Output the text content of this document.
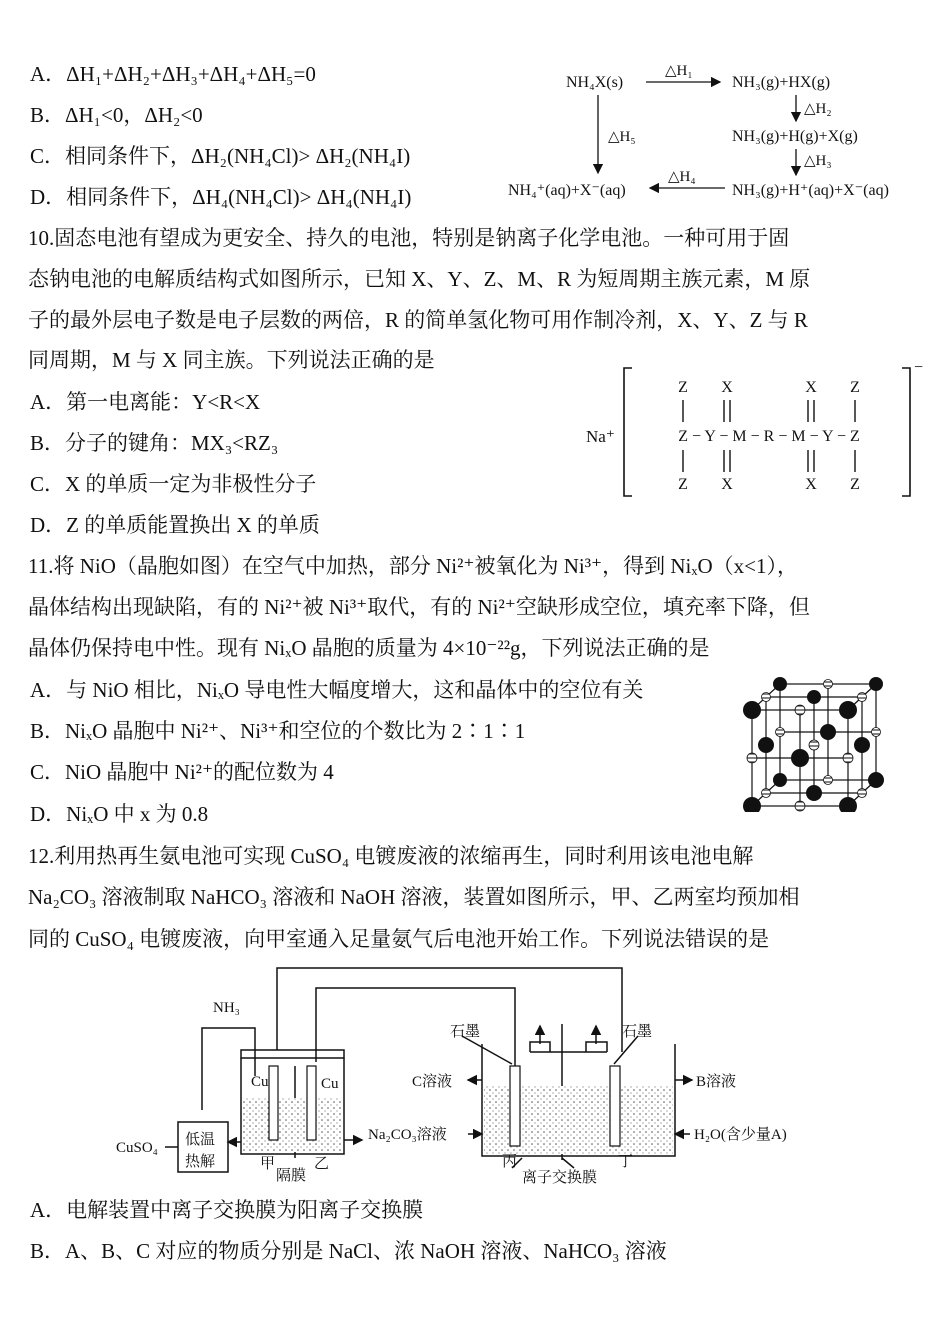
A．ΔH₁+ΔH₂+ΔH₃+ΔH₄+ΔH₅=0
B．ΔH₁<0，ΔH₂<0
C．相同条件下，ΔH₂(NH₄Cl)> ΔH₂(NH₄I)
D．相同条件下，ΔH₄(NH₄Cl)> ΔH₄(NH₄I)
NH₄X(s)
△H₁
NH₃(g)+HX(g)
△H₂
NH₃(g)+H(g)+X(g)
△H₃
NH₃(g)+H⁺(aq)+X⁻(aq)
△H₄
NH₄⁺(aq)+X⁻(aq)
△H₅
10.固态电池有望成为更安全、持久的电池，特别是钠离子化学电池。一种可用于固
态钠电池的电解质结构式如图所示，已知 X、Y、Z、M、R 为短周期主族元素，M 原
子的最外层电子数是电子层数的两倍，R 的简单氢化物可用作制冷剂，X、Y、Z 与 R
同周期，M 与 X 同主族。下列说法正确的是
A．第一电离能：Y<R<X
B．分子的键角：MX₃<RZ₃
C．X 的单质一定为非极性分子
D．Z 的单质能置换出 X 的单质
Na⁺
−
Z X	X Z
Z X	X Z
Z − Y − M − R − M − Y − Z
11.将 NiO（晶胞如图）在空气中加热，部分 Ni²⁺被氧化为 Ni³⁺，得到 NiₓO（x<1），
晶体结构出现缺陷，有的 Ni²⁺被 Ni³⁺取代，有的 Ni²⁺空缺形成空位，填充率下降，但
晶体仍保持电中性。现有 NiₓO 晶胞的质量为 4×10⁻²²g，下列说法正确的是
A．与 NiO 相比，NiₓO 导电性大幅度增大，这和晶体中的空位有关
B．NiₓO 晶胞中 Ni²⁺、Ni³⁺和空位的个数比为 2∶1∶1
C．NiO 晶胞中 Ni²⁺的配位数为 4
D．NiₓO 中 x 为 0.8
12.利用热再生氨电池可实现 CuSO₄ 电镀废液的浓缩再生，同时利用该电池电解
Na₂CO₃ 溶液制取 NaHCO₃ 溶液和 NaOH 溶液，装置如图所示，甲、乙两室均预加相
同的 CuSO₄ 电镀废液，向甲室通入足量氨气后电池开始工作。下列说法错误的是
NH₃
CuSO₄ 低温
热解
Cu	Cu
甲
隔膜
乙
石墨	石墨
C溶液	B溶液
Na₂CO₃溶液	H₂O(含少量A)
丙	丁
离子交换膜
A．电解装置中离子交换膜为阳离子交换膜
B．A、B、C 对应的物质分别是 NaCl、浓 NaOH 溶液、NaHCO₃ 溶液
